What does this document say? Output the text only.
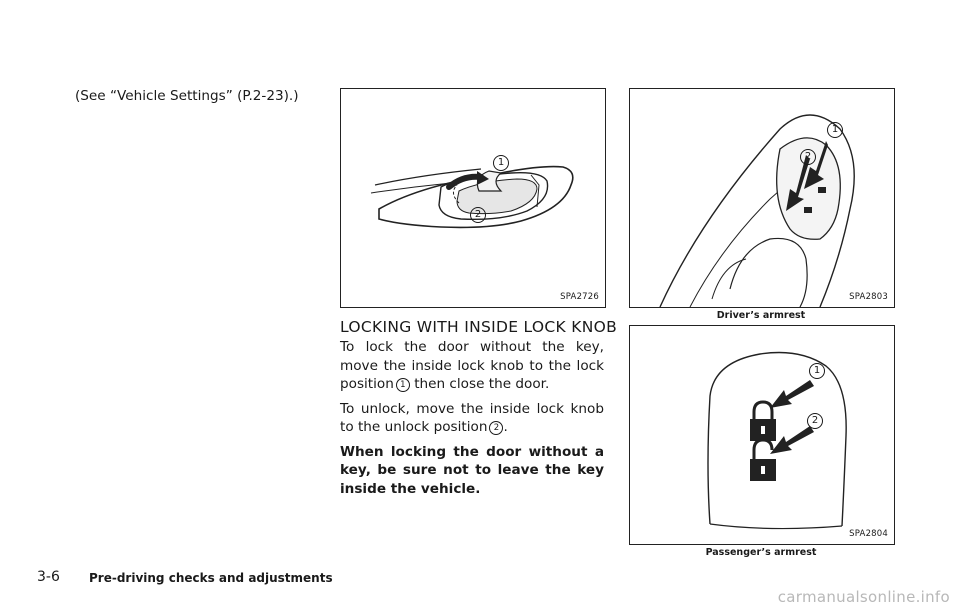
(See “Vehicle Settings” (P.2-23).)
1
2
SPA2726
LOCKING WITH INSIDE LOCK KNOB

To lock the door without the key, move the inside lock knob to the lock position 1 then close the door.

To unlock, move the inside lock knob to the unlock position 2 .

When locking the door without a key, be sure not to leave the key inside the vehicle.

1
2
SPA2803
Driver’s armrest
1
2
SPA2804
Passenger’s armrest
3-6 Pre-driving checks and adjustments
carmanualsonline.info
